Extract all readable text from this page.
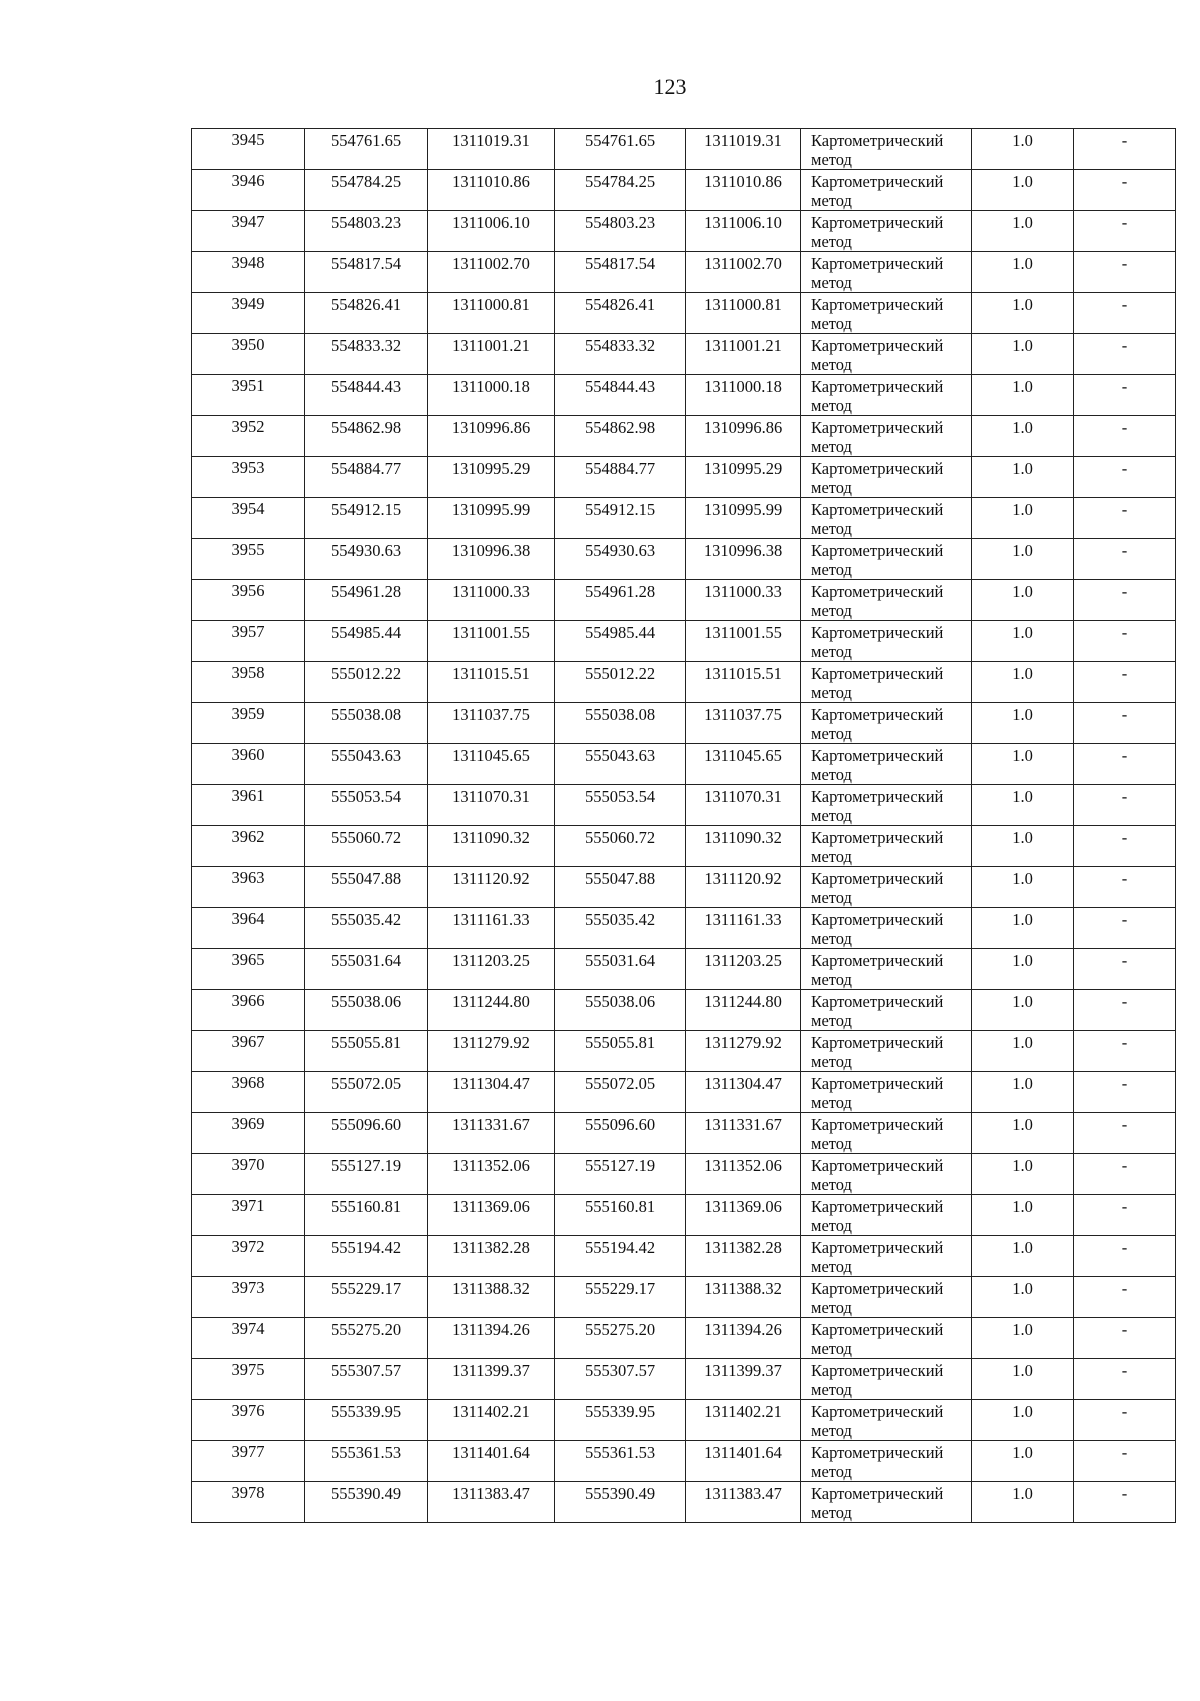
123
3945	554761.65	1311019.31	554761.65	1311019.31	Картометрический
метод	1.0	-
3946	554784.25	1311010.86	554784.25	1311010.86	Картометрический
метод	1.0	-
3947	554803.23	1311006.10	554803.23	1311006.10	Картометрический
метод	1.0	-
3948	554817.54	1311002.70	554817.54	1311002.70	Картометрический
метод	1.0	-
3949	554826.41	1311000.81	554826.41	1311000.81	Картометрический
метод	1.0	-
3950	554833.32	1311001.21	554833.32	1311001.21	Картометрический
метод	1.0	-
3951	554844.43	1311000.18	554844.43	1311000.18	Картометрический
метод	1.0	-
3952	554862.98	1310996.86	554862.98	1310996.86	Картометрический
метод	1.0	-
3953	554884.77	1310995.29	554884.77	1310995.29	Картометрический
метод	1.0	-
3954	554912.15	1310995.99	554912.15	1310995.99	Картометрический
метод	1.0	-
3955	554930.63	1310996.38	554930.63	1310996.38	Картометрический
метод	1.0	-
3956	554961.28	1311000.33	554961.28	1311000.33	Картометрический
метод	1.0	-
3957	554985.44	1311001.55	554985.44	1311001.55	Картометрический
метод	1.0	-
3958	555012.22	1311015.51	555012.22	1311015.51	Картометрический
метод	1.0	-
3959	555038.08	1311037.75	555038.08	1311037.75	Картометрический
метод	1.0	-
3960	555043.63	1311045.65	555043.63	1311045.65	Картометрический
метод	1.0	-
3961	555053.54	1311070.31	555053.54	1311070.31	Картометрический
метод	1.0	-
3962	555060.72	1311090.32	555060.72	1311090.32	Картометрический
метод	1.0	-
3963	555047.88	1311120.92	555047.88	1311120.92	Картометрический
метод	1.0	-
3964	555035.42	1311161.33	555035.42	1311161.33	Картометрический
метод	1.0	-
3965	555031.64	1311203.25	555031.64	1311203.25	Картометрический
метод	1.0	-
3966	555038.06	1311244.80	555038.06	1311244.80	Картометрический
метод	1.0	-
3967	555055.81	1311279.92	555055.81	1311279.92	Картометрический
метод	1.0	-
3968	555072.05	1311304.47	555072.05	1311304.47	Картометрический
метод	1.0	-
3969	555096.60	1311331.67	555096.60	1311331.67	Картометрический
метод	1.0	-
3970	555127.19	1311352.06	555127.19	1311352.06	Картометрический
метод	1.0	-
3971	555160.81	1311369.06	555160.81	1311369.06	Картометрический
метод	1.0	-
3972	555194.42	1311382.28	555194.42	1311382.28	Картометрический
метод	1.0	-
3973	555229.17	1311388.32	555229.17	1311388.32	Картометрический
метод	1.0	-
3974	555275.20	1311394.26	555275.20	1311394.26	Картометрический
метод	1.0	-
3975	555307.57	1311399.37	555307.57	1311399.37	Картометрический
метод	1.0	-
3976	555339.95	1311402.21	555339.95	1311402.21	Картометрический
метод	1.0	-
3977	555361.53	1311401.64	555361.53	1311401.64	Картометрический
метод	1.0	-
3978	555390.49	1311383.47	555390.49	1311383.47	Картометрический
метод	1.0	-
